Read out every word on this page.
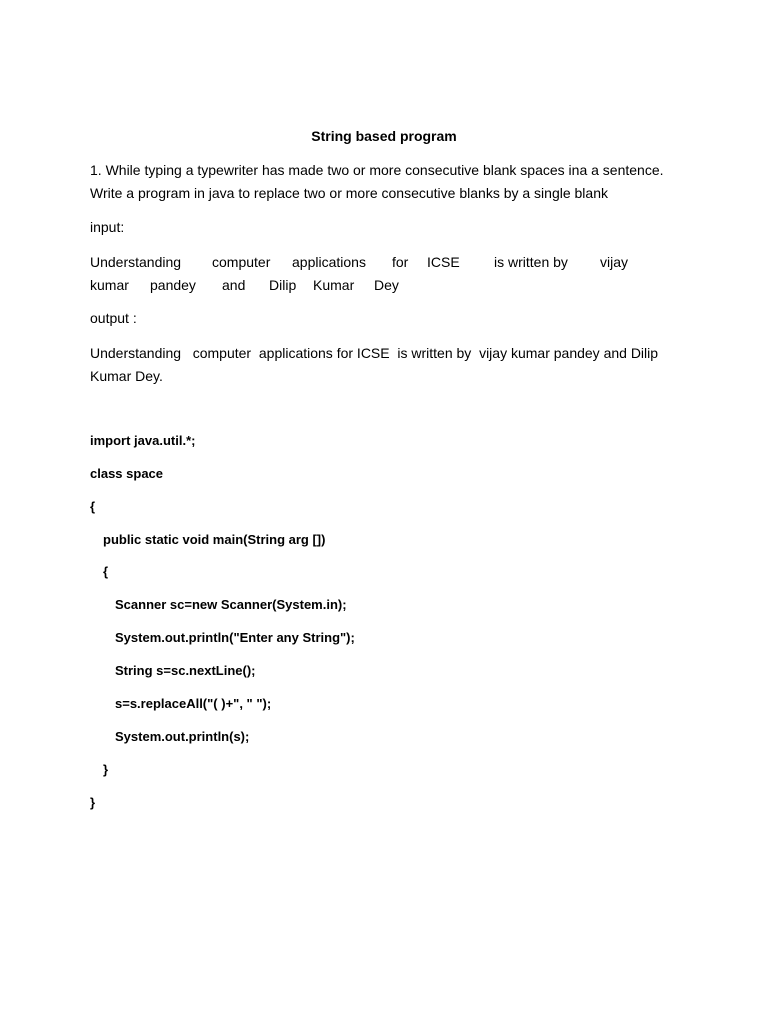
String based program
1. While typing a typewriter has made two or more consecutive blank spaces ina a sentence.
Write a program in java to replace two or more consecutive blanks by a single blank
input:
Understanding computer applications for ICSE is written by vijay
kumar pandey and Dilip Kumar Dey
output :
Understanding   computer  applications for ICSE  is written by  vijay kumar pandey and Dilip
Kumar Dey.
import java.util.*;
class space
{
public static void main(String arg [])
{
Scanner sc=new Scanner(System.in);
System.out.println("Enter any String");
String s=sc.nextLine();
s=s.replaceAll("( )+", " ");
System.out.println(s);
}
}
